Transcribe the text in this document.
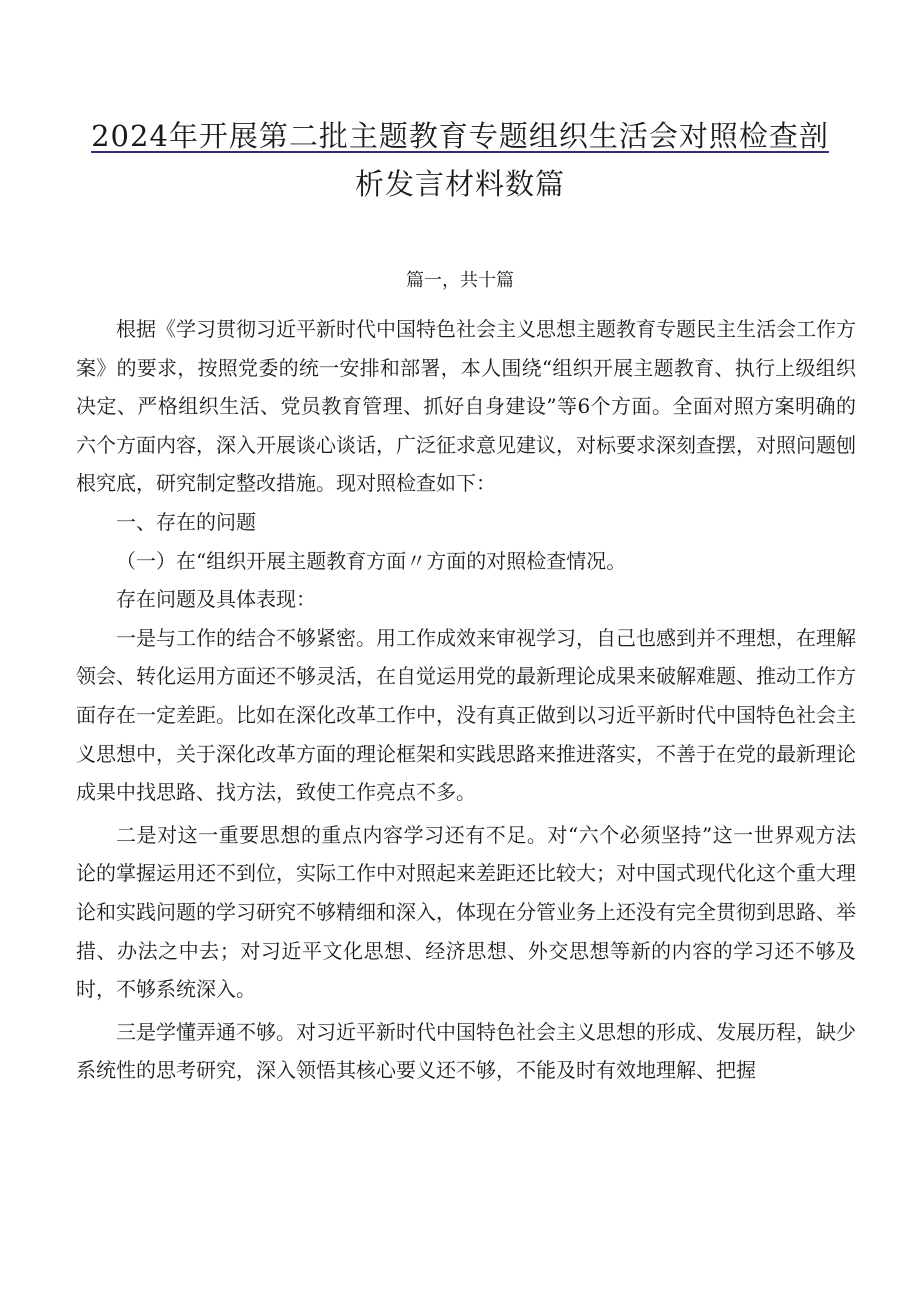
2024年开展第二批主题教育专题组织生活会对照检查剖
析发言材料数篇
篇一，共十篇

根据《学习贯彻习近平新时代中国特色社会主义思想主题教育专题民主生活会工作方案》的要求，按照党委的统一安排和部署，本人围绕“组织开展主题教育、执行上级组织决定、严格组织生活、党员教育管理、抓好自身建设”等6个方面。全面对照方案明确的六个方面内容，深入开展谈心谈话，广泛征求意见建议，对标要求深刻查摆，对照问题刨根究底，研究制定整改措施。现对照检查如下：

一、存在的问题

（一）在“组织开展主题教育方面〃方面的对照检查情况。

存在问题及具体表现：

一是与工作的结合不够紧密。用工作成效来审视学习，自己也感到并不理想，在理解领会、转化运用方面还不够灵活，在自觉运用党的最新理论成果来破解难题、推动工作方面存在一定差距。比如在深化改革工作中，没有真正做到以习近平新时代中国特色社会主义思想中，关于深化改革方面的理论框架和实践思路来推进落实，不善于在党的最新理论成果中找思路、找方法，致使工作亮点不多。

二是对这一重要思想的重点内容学习还有不足。对“六个必须坚持”这一世界观方法论的掌握运用还不到位，实际工作中对照起来差距还比较大；对中国式现代化这个重大理论和实践问题的学习研究不够精细和深入，体现在分管业务上还没有完全贯彻到思路、举措、办法之中去；对习近平文化思想、经济思想、外交思想等新的内容的学习还不够及时，不够系统深入。

三是学懂弄通不够。对习近平新时代中国特色社会主义思想的形成、发展历程，缺少系统性的思考研究，深入领悟其核心要义还不够，不能及时有效地理解、把握
